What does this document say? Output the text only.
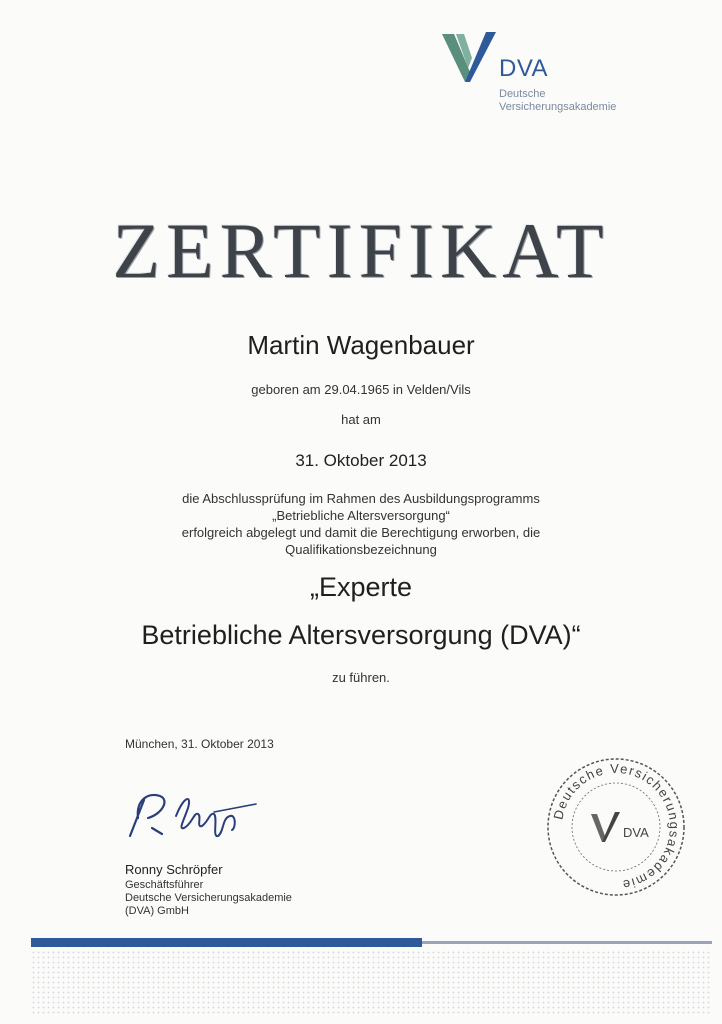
DVA
Deutsche
Versicherungsakademie
ZERTIFIKAT
Martin Wagenbauer
geboren am 29.04.1965 in Velden/Vils
hat am
31. Oktober 2013
die Abschlussprüfung im Rahmen des Ausbildungsprogramms
„Betriebliche Altersversorgung“
erfolgreich abgelegt und damit die Berechtigung erworben, die
Qualifikationsbezeichnung
„Experte
Betriebliche Altersversorgung (DVA)“
zu führen.
München, 31. Oktober 2013
Ronny Schröpfer
Geschäftsführer
Deutsche Versicherungsakademie
(DVA) GmbH
Deutsche Versicherungsakademie
DVA
